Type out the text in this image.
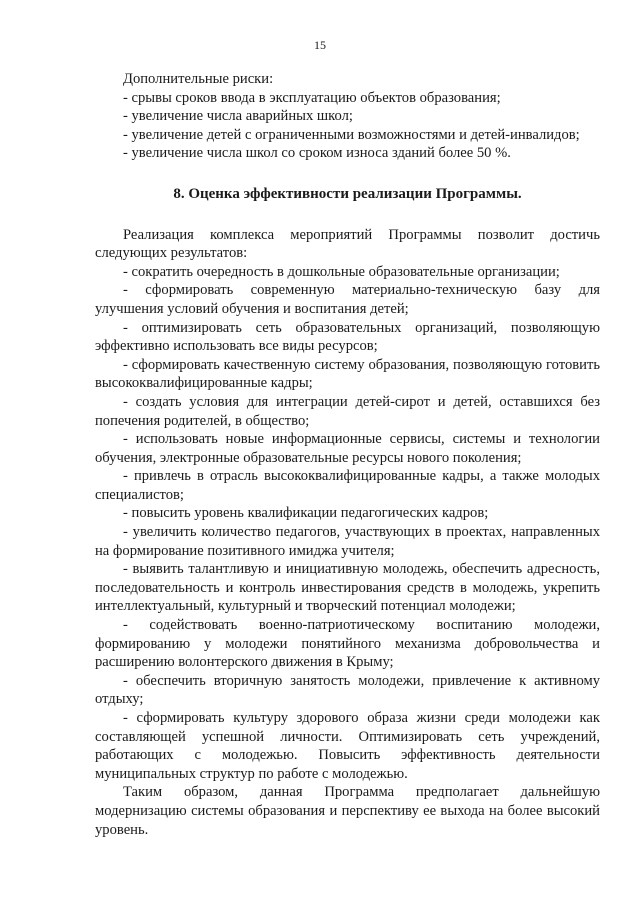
15

Дополнительные риски:

- срывы сроков ввода в эксплуатацию объектов образования;

- увеличение числа аварийных школ;

- увеличение детей с ограниченными возможностями и детей-инвалидов;

- увеличение числа школ со сроком износа зданий более 50 %.

8. Оценка эффективности реализации Программы.

Реализация комплекса мероприятий Программы позволит достичь следующих результатов:

- сократить очередность в дошкольные образовательные организации;

- сформировать современную материально-техническую базу для улучшения условий обучения и воспитания детей;

- оптимизировать сеть образовательных организаций, позволяющую эффективно использовать все виды ресурсов;

- сформировать качественную систему образования, позволяющую готовить высококвалифицированные кадры;

- создать условия для интеграции детей-сирот и детей, оставшихся без попечения родителей, в общество;

- использовать новые информационные сервисы, системы и технологии обучения, электронные образовательные ресурсы нового поколения;

- привлечь в отрасль высококвалифицированные кадры, а также молодых специалистов;

- повысить уровень квалификации педагогических кадров;

- увеличить количество педагогов, участвующих в проектах, направленных на формирование позитивного имиджа учителя;

- выявить талантливую и инициативную молодежь, обеспечить адресность, последовательность и контроль инвестирования средств в молодежь, укрепить интеллектуальный, культурный и творческий потенциал молодежи;

- содействовать военно-патриотическому воспитанию молодежи, формированию у молодежи понятийного механизма добровольчества и расширению волонтерского движения в Крыму;

- обеспечить вторичную занятость молодежи, привлечение к активному отдыху;

- сформировать культуру здорового образа жизни среди молодежи как составляющей успешной личности. Оптимизировать сеть учреждений, работающих с молодежью. Повысить эффективность деятельности муниципальных структур по работе с молодежью.

Таким образом, данная Программа предполагает дальнейшую модернизацию системы образования и перспективу ее выхода на более высокий уровень.
